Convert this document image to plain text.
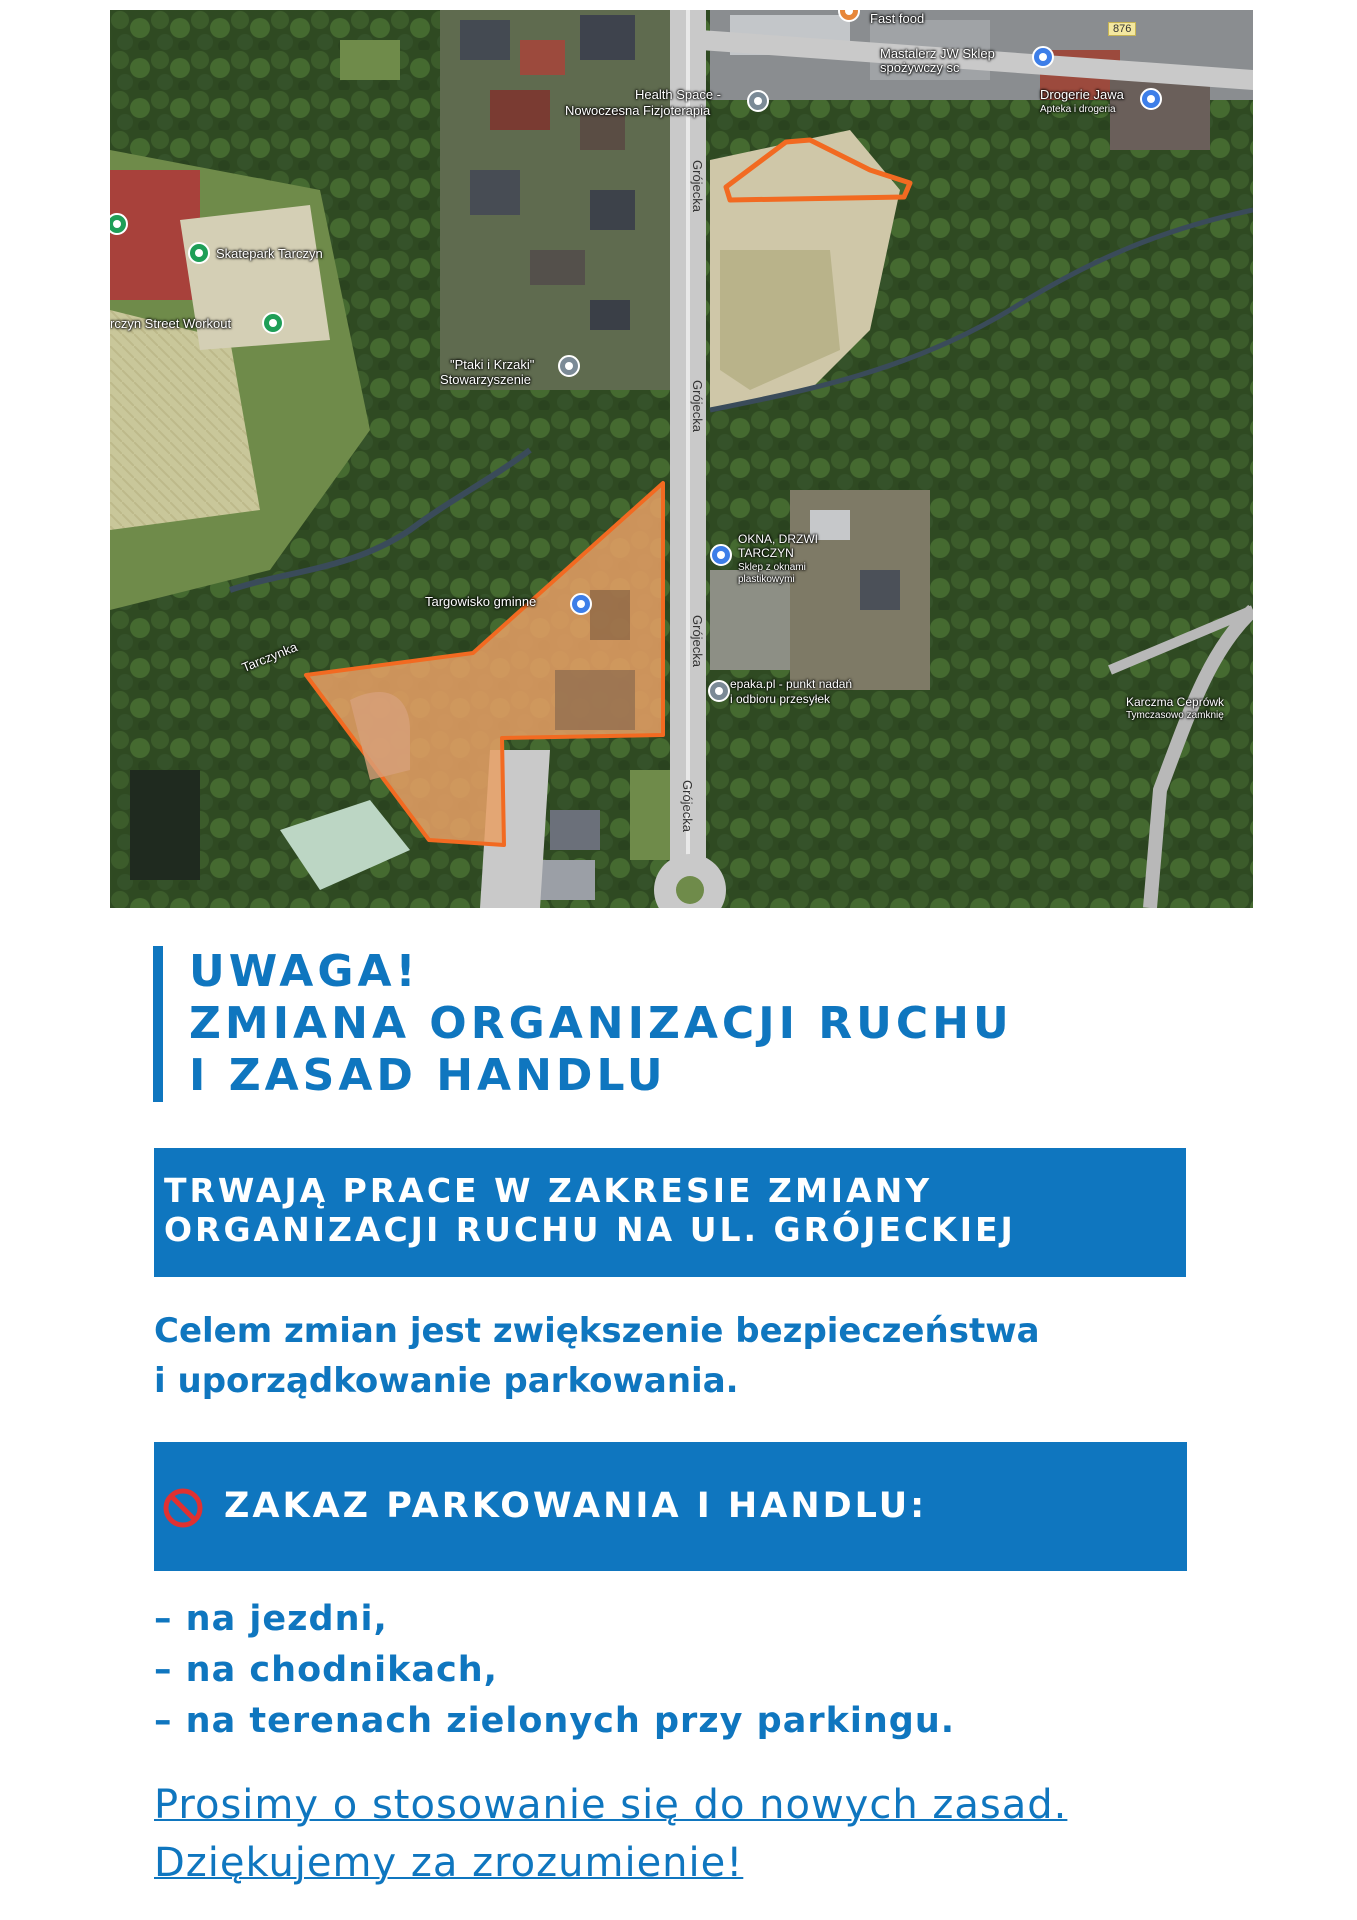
876
Fast food
Mastalerz JW Sklep spożywczy sc
Drogerie Jawa
Apteka i drogeria
Health Space -
Nowoczesna Fizjoterapia
Skatepark Tarczyn
rczyn Street Workout
"Ptaki i Krzaki"
Stowarzyszenie
OKNA, DRZWI
TARCZYN
Sklep z oknami
plastikowymi
Targowisko gminne
epaka.pl - punkt nadań
i odbioru przesyłek	Karczma Ceprówk
Tymczasowo zamknię
Tarczynka
Grójecka
Grójecka
Grójecka
Grójecka
UWAGA!
ZMIANA ORGANIZACJI RUCHU
I ZASAD HANDLU
TRWAJĄ PRACE W ZAKRESIE ZMIANY
ORGANIZACJI RUCHU NA UL. GRÓJECKIEJ
Celem zmian jest zwiększenie bezpieczeństwa
i uporządkowanie parkowania.
ZAKAZ PARKOWANIA I HANDLU:
– na jezdni,
– na chodnikach,
– na terenach zielonych przy parkingu.
Prosimy o stosowanie się do nowych zasad.
Dziękujemy za zrozumienie!
